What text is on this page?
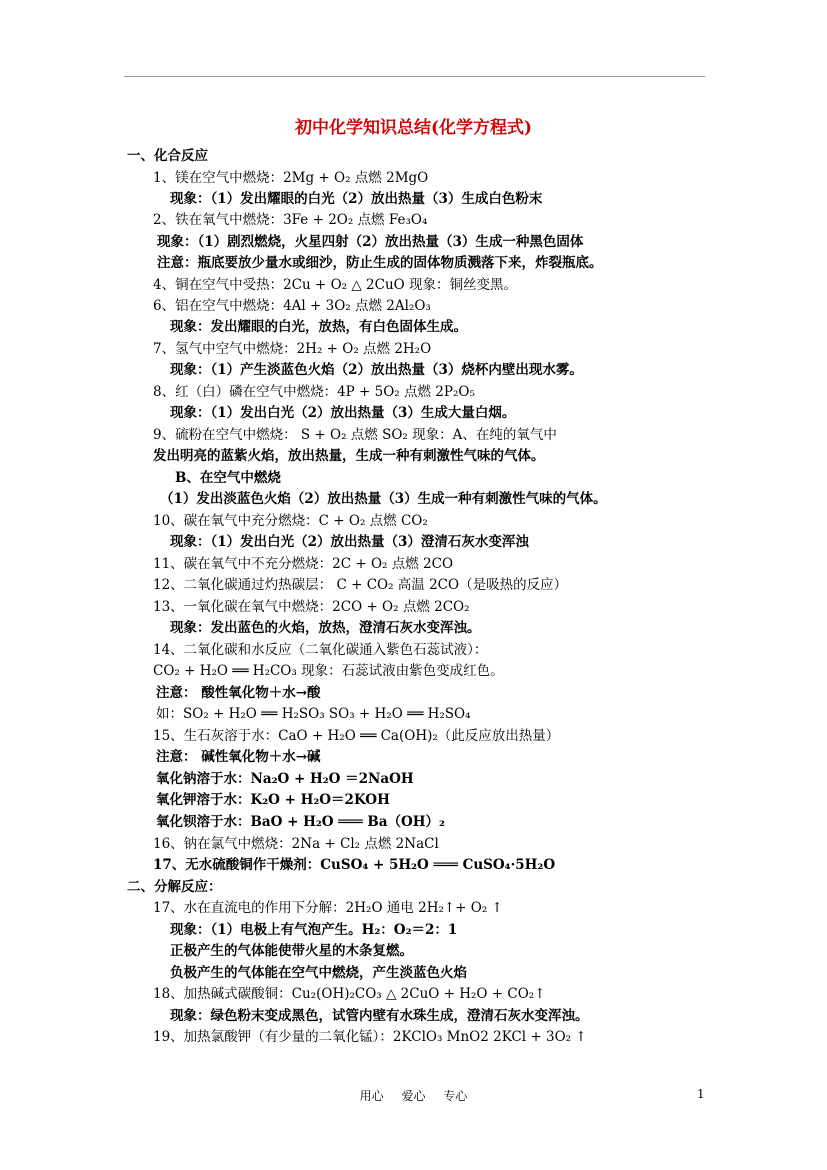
初中化学知识总结(化学方程式)
一、化合反应
1、镁在空气中燃烧：2Mg + O₂ 点燃 2MgO
现象：（1）发出耀眼的白光（2）放出热量（3）生成白色粉末
2、铁在氧气中燃烧：3Fe + 2O₂ 点燃 Fe₃O₄
现象：（1）剧烈燃烧，火星四射（2）放出热量（3）生成一种黑色固体
注意：瓶底要放少量水或细沙，防止生成的固体物质溅落下来，炸裂瓶底。
4、铜在空气中受热：2Cu + O₂ △ 2CuO 现象：铜丝变黑。
6、铝在空气中燃烧：4Al + 3O₂ 点燃 2Al₂O₃
现象：发出耀眼的白光，放热，有白色固体生成。
7、氢气中空气中燃烧：2H₂ + O₂ 点燃 2H₂O
现象：（1）产生淡蓝色火焰（2）放出热量（3）烧杯内壁出现水雾。
8、红（白）磷在空气中燃烧：4P + 5O₂ 点燃 2P₂O₅
现象：（1）发出白光（2）放出热量（3）生成大量白烟。
9、硫粉在空气中燃烧： S + O₂ 点燃 SO₂ 现象：A、在纯的氧气中
发出明亮的蓝紫火焰，放出热量，生成一种有刺激性气味的气体。
B、在空气中燃烧
（1）发出淡蓝色火焰（2）放出热量（3）生成一种有刺激性气味的气体。
10、碳在氧气中充分燃烧：C + O₂ 点燃 CO₂
现象：（1）发出白光（2）放出热量（3）澄清石灰水变浑浊
11、碳在氧气中不充分燃烧：2C + O₂ 点燃 2CO
12、二氧化碳通过灼热碳层： C + CO₂ 高温 2CO（是吸热的反应）
13、一氧化碳在氧气中燃烧：2CO + O₂ 点燃 2CO₂
现象：发出蓝色的火焰，放热，澄清石灰水变浑浊。
14、二氧化碳和水反应（二氧化碳通入紫色石蕊试液）：
CO₂ + H₂O ══ H₂CO₃ 现象：石蕊试液由紫色变成红色。
注意： 酸性氧化物＋水→酸
如：SO₂ + H₂O ══ H₂SO₃ SO₃ + H₂O ══ H₂SO₄
15、生石灰溶于水：CaO + H₂O ══ Ca(OH)₂（此反应放出热量）
注意： 碱性氧化物＋水→碱
氧化钠溶于水：Na₂O + H₂O ＝2NaOH
氧化钾溶于水：K₂O + H₂O＝2KOH
氧化钡溶于水：BaO + H₂O ═══ Ba（OH）₂
16、钠在氯气中燃烧：2Na + Cl₂ 点燃 2NaCl
17、无水硫酸铜作干燥剂：CuSO₄ + 5H₂O ═══ CuSO₄·5H₂O
二、分解反应：
17、水在直流电的作用下分解：2H₂O 通电 2H₂↑+ O₂ ↑
现象：（1）电极上有气泡产生。H₂：O₂＝2：1
正极产生的气体能使带火星的木条复燃。
负极产生的气体能在空气中燃烧，产生淡蓝色火焰
18、加热碱式碳酸铜：Cu₂(OH)₂CO₃ △ 2CuO + H₂O + CO₂↑
现象：绿色粉末变成黑色，试管内壁有水珠生成，澄清石灰水变浑浊。
19、加热氯酸钾（有少量的二氧化锰）：2KClO₃ MnO2 2KCl + 3O₂ ↑
用心 爱心 专心	1
